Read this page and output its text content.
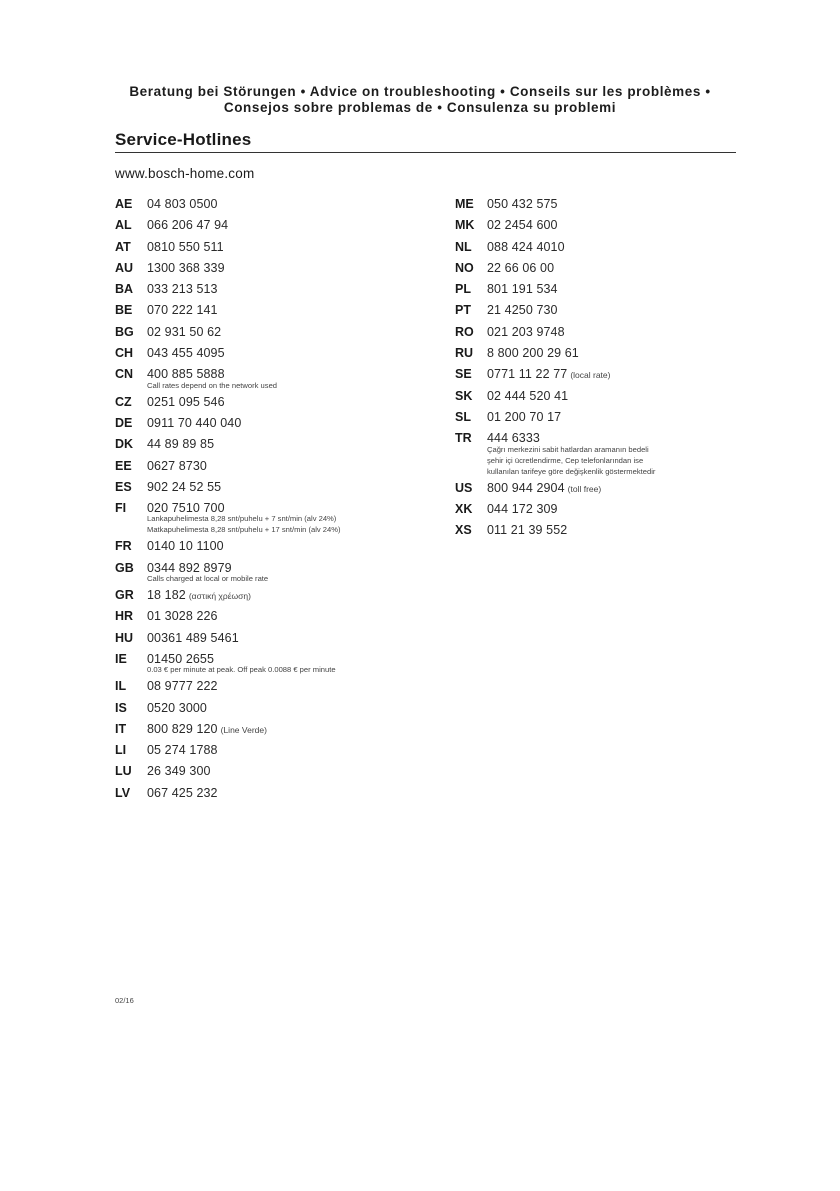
Beratung bei Störungen • Advice on troubleshooting • Conseils sur les problèmes •
Consejos sobre problemas de • Consulenza su problemi
Service-Hotlines
www.bosch-home.com
AE 04 803 0500
AL 066 206 47 94
AT 0810 550 511
AU 1300 368 339
BA 033 213 513
BE 070 222 141
BG 02 931 50 62
CH 043 455 4095
CN 400 885 5888
Call rates depend on the network used
CZ 0251 095 546
DE 0911 70 440 040
DK 44 89 89 85
EE 0627 8730
ES 902 24 52 55
FI 020 7510 700
Lankapuhelimesta 8,28 snt/puhelu + 7 snt/min (alv 24%)
Matkapuhelimesta 8,28 snt/puhelu + 17 snt/min (alv 24%)
FR 0140 10 1100
GB 0344 892 8979
Calls charged at local or mobile rate
GR 18 182 (αστική χρέωση)
HR 01 3028 226
HU 00361 489 5461
IE 01450 2655
0.03 € per minute at peak. Off peak 0.0088 € per minute
IL 08 9777 222
IS 0520 3000
IT 800 829 120 (Line Verde)
LI 05 274 1788
LU 26 349 300
LV 067 425 232
ME 050 432 575
MK 02 2454 600
NL 088 424 4010
NO 22 66 06 00
PL 801 191 534
PT 21 4250 730
RO 021 203 9748
RU 8 800 200 29 61
SE 0771 11 22 77 (local rate)
SK 02 444 520 41
SL 01 200 70 17
TR 444 6333
Çağrı merkezini sabit hatlardan aramanın bedeli
şehir içi ücretlendirme, Cep telefonlarından ise
kullanılan tarifeye göre değişkenlik göstermektedir
US 800 944 2904 (toll free)
XK 044 172 309
XS 011 21 39 552
02/16
